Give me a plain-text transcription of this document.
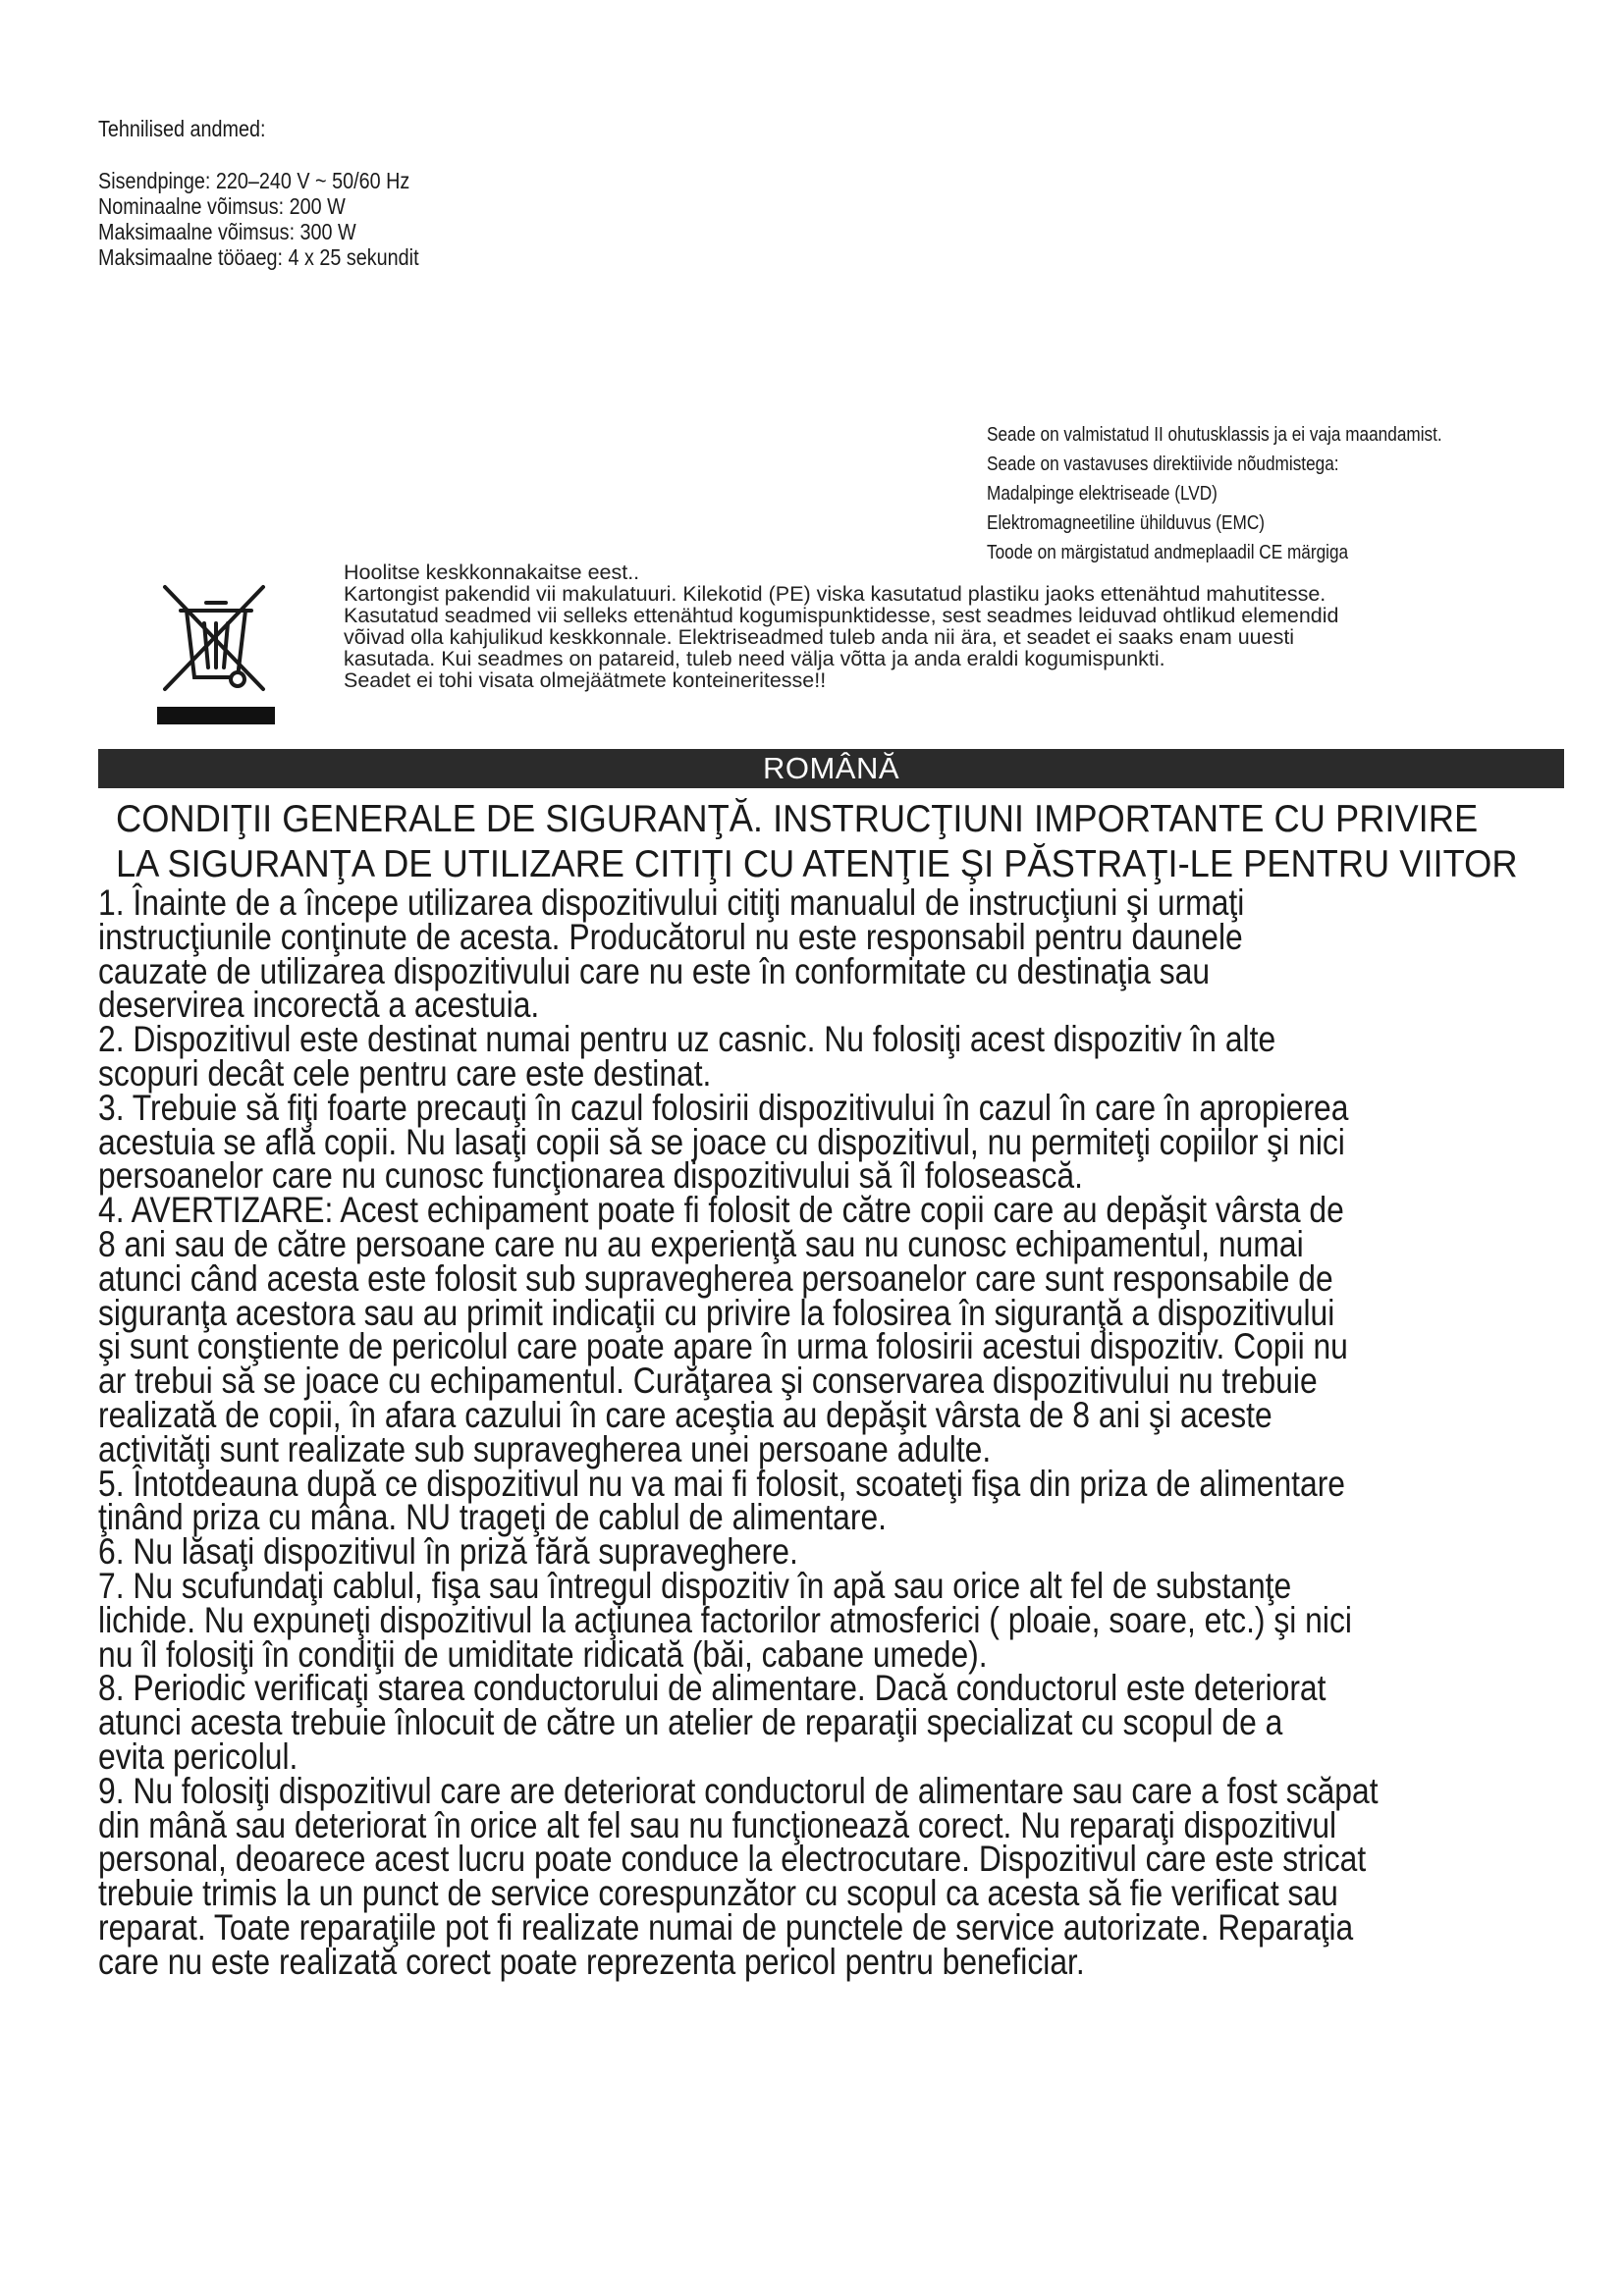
Tehnilised andmed:
Sisendpinge: 220–240 V ~ 50/60 Hz
Nominaalne võimsus: 200 W
Maksimaalne võimsus: 300 W
Maksimaalne tööaeg: 4 x 25 sekundit
Seade on valmistatud II ohutusklassis ja ei vaja maandamist.
Seade on vastavuses direktiivide nõudmistega:
Madalpinge elektriseade (LVD)
Elektromagneetiline ühilduvus (EMC)
Toode on märgistatud andmeplaadil CE märgiga
Hoolitse keskkonnakaitse eest..
Kartongist pakendid vii makulatuuri. Kilekotid (PE) viska kasutatud plastiku jaoks ettenähtud mahutitesse.
Kasutatud seadmed vii selleks ettenähtud kogumispunktidesse, sest seadmes leiduvad ohtlikud elemendid
võivad olla kahjulikud keskkonnale. Elektriseadmed tuleb anda nii ära, et seadet ei saaks enam uuesti
kasutada. Kui seadmes on patareid, tuleb need välja võtta ja anda eraldi kogumispunkti.
Seadet ei tohi visata olmejäätmete konteineritesse!!
ROMÂNĂ
CONDIŢII GENERALE DE SIGURANŢĂ. INSTRUCŢIUNI IMPORTANTE CU PRIVIRE
LA SIGURANŢA DE UTILIZARE CITIŢI CU ATENŢIE ŞI PĂSTRAŢI-LE PENTRU VIITOR
1. Înainte de a începe utilizarea dispozitivului citiţi manualul de instrucţiuni şi urmaţi
instrucţiunile conţinute de acesta. Producătorul nu este responsabil pentru daunele
cauzate de utilizarea dispozitivului care nu este în conformitate cu destinaţia sau
deservirea incorectă a acestuia.
2. Dispozitivul este destinat numai pentru uz casnic. Nu folosiţi acest dispozitiv în alte
scopuri decât cele pentru care este destinat.
3. Trebuie să fiţi foarte precauţi în cazul folosirii dispozitivului în cazul în care în apropierea
acestuia se află copii. Nu lasaţi copii să se joace cu dispozitivul, nu permiteţi copiilor şi nici
persoanelor care nu cunosc funcţionarea dispozitivului să îl folosească.
4. AVERTIZARE: Acest echipament poate fi folosit de către copii care au depăşit vârsta de
8 ani sau de către persoane care nu au experienţă sau nu cunosc echipamentul, numai
atunci când acesta este folosit sub supravegherea persoanelor care sunt responsabile de
siguranţa acestora sau au primit indicaţii cu privire la folosirea în siguranţă a dispozitivului
şi sunt conştiente de pericolul care poate apare în urma folosirii acestui dispozitiv. Copii nu
ar trebui să se joace cu echipamentul. Curăţarea şi conservarea dispozitivului nu trebuie
realizată de copii, în afara cazului în care aceştia au depăşit vârsta de 8 ani şi aceste
activităţi sunt realizate sub supravegherea unei persoane adulte.
5. Întotdeauna după ce dispozitivul nu va mai fi folosit, scoateţi fişa din priza de alimentare
ţinând priza cu mâna. NU trageţi de cablul de alimentare.
6. Nu lăsaţi dispozitivul în priză fără supraveghere.
7. Nu scufundaţi cablul, fişa sau întregul dispozitiv în apă sau orice alt fel de substanţe
lichide. Nu expuneţi dispozitivul la acţiunea factorilor atmosferici ( ploaie, soare, etc.) şi nici
nu îl folosiţi în condiţii de umiditate ridicată (băi, cabane umede).
8. Periodic verificaţi starea conductorului de alimentare. Dacă conductorul este deteriorat
atunci acesta trebuie înlocuit de către un atelier de reparaţii specializat cu scopul de a
evita pericolul.
9. Nu folosiţi dispozitivul care are deteriorat conductorul de alimentare sau care a fost scăpat
din mână sau deteriorat în orice alt fel sau nu funcţionează corect. Nu reparaţi dispozitivul
personal, deoarece acest lucru poate conduce la electrocutare. Dispozitivul care este stricat
trebuie trimis la un punct de service corespunzător cu scopul ca acesta să fie verificat sau
reparat. Toate reparaţiile pot fi realizate numai de punctele de service autorizate. Reparaţia
care nu este realizată corect poate reprezenta pericol pentru beneficiar.
